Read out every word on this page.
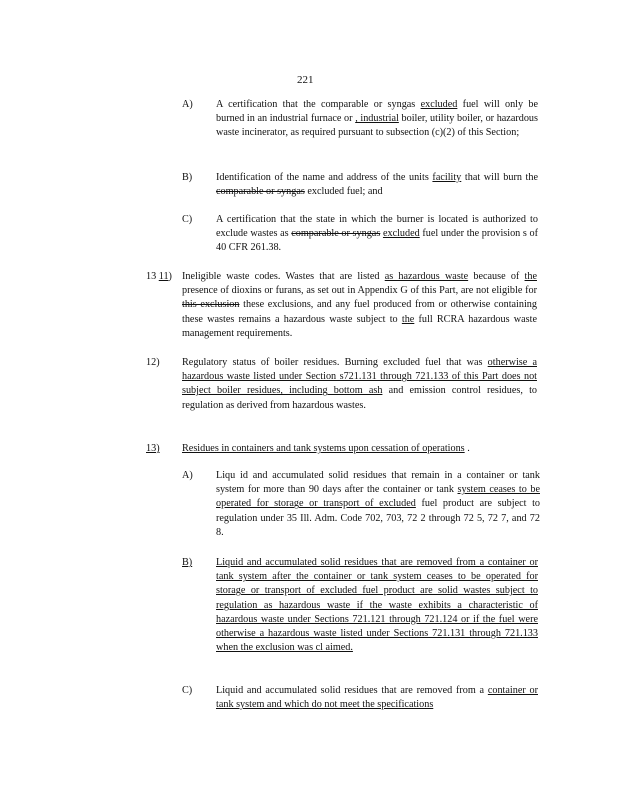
221
A) A certification that the comparable or syngas excluded fuel will only be burned in an industrial furnace or , industrial boiler, utility boiler, or hazardous waste incinerator, as required pursuant to subsection (c)(2) of this Section;
B) Identification of the name and address of the units facility that will burn the comparable or syngas excluded fuel; and
C) A certification that the state in which the burner is located is authorized to exclude wastes as comparable or syngas excluded fuel under the provision s of 40 CFR 261.38.
13 11) Ineligible waste codes. Wastes that are listed as hazardous waste because of the presence of dioxins or furans, as set out in Appendix G of this Part, are not eligible for this exclusion these exclusions, and any fuel produced from or otherwise containing these wastes remains a hazardous waste subject to the full RCRA hazardous waste management requirements.
12) Regulatory status of boiler residues. Burning excluded fuel that was otherwise a hazardous waste listed under Section s721.131 through 721.133 of this Part does not subject boiler residues, including bottom ash and emission control residues, to regulation as derived from hazardous wastes.
13) Residues in containers and tank systems upon cessation of operations .
A) Liqu id and accumulated solid residues that remain in a container or tank system for more than 90 days after the container or tank system ceases to be operated for storage or transport of excluded fuel product are subject to regulation under 35 Ill. Adm. Code 702, 703, 72 2 through 72 5, 72 7, and 72 8.
B) Liquid and accumulated solid residues that are removed from a container or tank system after the container or tank system ceases to be operated for storage or transport of excluded fuel product are solid wastes subject to regulation as hazardous waste if the waste exhibits a characteristic of hazardous waste under Sections 721.121 through 721.124 or if the fuel were otherwise a hazardous waste listed under Sections 721.131 through 721.133 when the exclusion was cl aimed.
C) Liquid and accumulated solid residues that are removed from a container or tank system and which do not meet the specifications
